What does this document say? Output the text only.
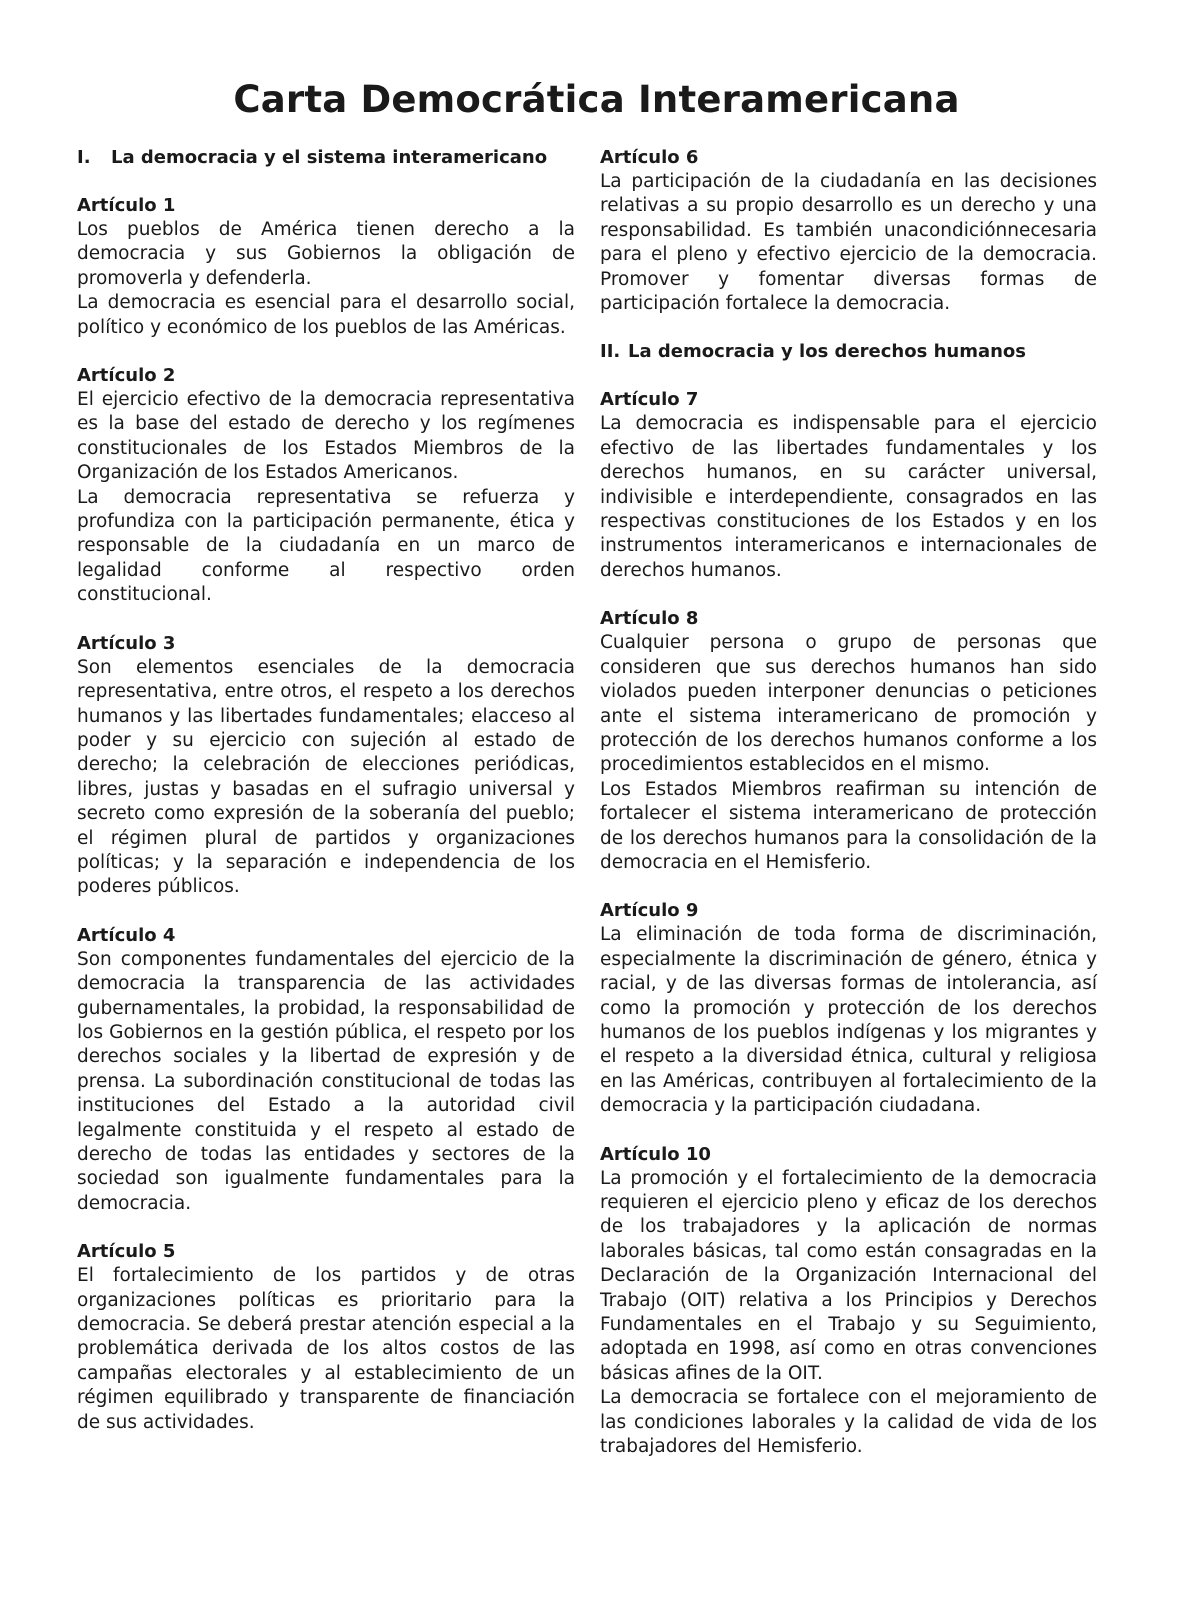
Carta Democrática Interamericana
I.	La democracia y el sistema interamericano

Artículo 1

Los pueblos de América tienen derecho a la democracia y sus Gobiernos la obligación de promoverla y defenderla.

La democracia es esencial para el desarrollo social, político y económico de los pueblos de las Américas.

Artículo 2

El ejercicio efectivo de la democracia representativa es la base del estado de derecho y los regímenes constitucionales de los Estados Miembros de la Organización de los Estados Americanos.

La democracia representativa se refuerza y profundiza con la participación permanente, ética y responsable de la ciudadanía en un marco de legalidad conforme al respectivo orden constitucional.

Artículo 3

Son elementos esenciales de la democracia representativa, entre otros, el respeto a los derechos humanos y las libertades fundamentales; elacceso al poder y su ejercicio con sujeción al estado de derecho; la celebración de elecciones periódicas, libres, justas y basadas en el sufragio universal y secreto como expresión de la soberanía del pueblo; el régimen plural de partidos y organizaciones políticas; y la separación e independencia de los poderes públicos.

Artículo 4

Son componentes fundamentales del ejercicio de la democracia la transparencia de las actividades gubernamentales, la probidad, la responsabilidad de los Gobiernos en la gestión pública, el respeto por los derechos sociales y la libertad de expresión y de prensa. La subordinación constitucional de todas las instituciones del Estado a la autoridad civil legalmente constituida y el respeto al estado de derecho de todas las entidades y sectores de la sociedad son igualmente fundamentales para la democracia.

Artículo 5

El fortalecimiento de los partidos y de otras organizaciones políticas es prioritario para la democracia. Se deberá prestar atención especial a la problemática derivada de los altos costos de las campañas electorales y al establecimiento de un régimen equilibrado y transparente de financiación de sus actividades.

Artículo 6

La participación de la ciudadanía en las decisiones relativas a su propio desarrollo es un derecho y una responsabilidad. Es también unacondiciónnecesaria para el pleno y efectivo ejercicio de la democracia. Promover y fomentar diversas formas de participación fortalece la democracia.

II. La democracia y los derechos humanos

Artículo 7

La democracia es indispensable para el ejercicio efectivo de las libertades fundamentales y los derechos humanos, en su carácter universal, indivisible e interdependiente, consagrados en las respectivas constituciones de los Estados y en los instrumentos interamericanos e internacionales de derechos humanos.

Artículo 8

Cualquier persona o grupo de personas que consideren que sus derechos humanos han sido violados pueden interponer denuncias o peticiones ante el sistema interamericano de promoción y protección de los derechos humanos conforme a los procedimientos establecidos en el mismo.

Los Estados Miembros reafirman su intención de fortalecer el sistema interamericano de protección de los derechos humanos para la consolidación de la democracia en el Hemisferio.

Artículo 9

La eliminación de toda forma de discriminación, especialmente la discriminación de género, étnica y racial, y de las diversas formas de intolerancia, así como la promoción y protección de los derechos humanos de los pueblos indígenas y los migrantes y el respeto a la diversidad étnica, cultural y religiosa en las Américas, contribuyen al fortalecimiento de la democracia y la participación ciudadana.

Artículo 10

La promoción y el fortalecimiento de la democracia requieren el ejercicio pleno y eficaz de los derechos de los trabajadores y la aplicación de normas laborales básicas, tal como están consagradas en la Declaración de la Organización Internacional del Trabajo (OIT) relativa a los Principios y Derechos Fundamentales en el Trabajo y su Seguimiento, adoptada en 1998, así como en otras convenciones básicas afines de la OIT.

La democracia se fortalece con el mejoramiento de las condiciones laborales y la calidad de vida de los trabajadores del Hemisferio.
